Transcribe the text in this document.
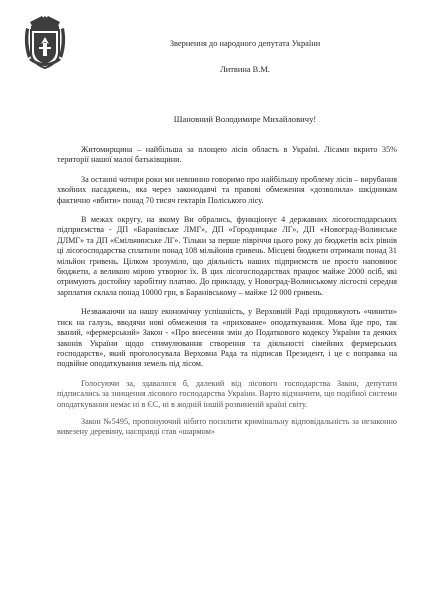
Звернення до народного депутата України
Литвина В.М.
Шановний Володимире Михайловичу!

Житомирщина – найбільша за площею лісів область в Україні. Лісами вкрито 35% території нашої малої батьківщини.

За останні чотири роки ми невпинно говоримо про найбільшу проблему лісів – вирубання хвойних насаджень, яка через законодавчі та правові обмеження «дозволила» шкідникам фактично «вбити» понад 70 тисяч гектарів Поліського лісу.

В межах округу, на якому Ви обрались, функціонує 4 державних лісогосподарських підприємства - ДП «Баранівське ЛМГ», ДП «Городницьке ЛГ», ДП «Новоград-Волинське ДЛМГ» та ДП «Ємільчинське ЛГ». Тільки за перше півріччя цього року до бюджетів всіх рівнів ці лісогосподарства сплатили понад 108 мільйонів гривень. Місцеві бюджети отримали понад 31 мільйон гривень. Цілком зрозуміло, що діяльність наших підприємств не просто наповнює бюджети, а великою мірою утворює їх. В цих лісогосподарствах працює майже 2000 осіб, які отримують достойну заробітну платню. До прикладу, у Новоград-Волинському лісгоспі середня зарплатня склала понад 10000 грн, в Баранівському – майже 12 000 гривень.

Незважаючи на нашу економічну успішність, у Верховній Раді продовжують «чинити» тиск на галузь, вводячи нові обмеження та «приховане» оподаткування. Мова йде про, так званий, «фермерський» Закон - «Про внесення змін до Податкового кодексу України та деяких законів України щодо стимулювання створення та діяльності сімейних фермерських господарств», який проголосувала Верховна Рада та підписав Президент, і це є поправка на подвійне оподаткування земель під лісом.

Голосуючи за, здавалося б, далекий від лісового господарства Закон, депутати підписались за знищення лісового господарства України. Варто відзначити, що подібної системи оподаткування немає ні в ЄС, ні в жодній іншій розвиненій країні світу.

Закон №5495, пропонуючий нібито посилити кримінальну відповідальність за незаконно вивезену деревину, насправді став «шармом»
